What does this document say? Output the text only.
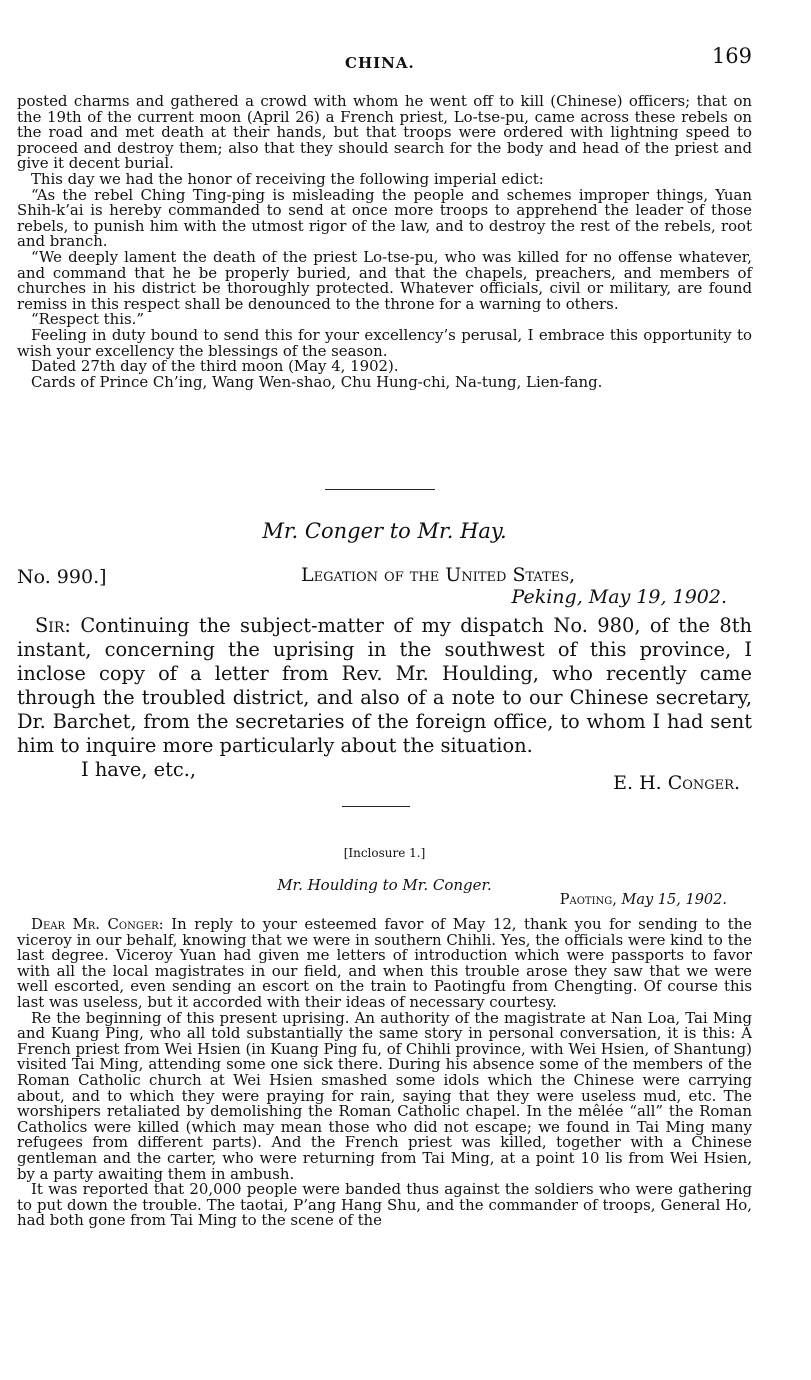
CHINA.	169

posted charms and gathered a crowd with whom he went off to kill (Chinese) officers; that on the 19th of the current moon (April 26) a French priest, Lo-tse-pu, came across these rebels on the road and met death at their hands, but that troops were ordered with lightning speed to proceed and destroy them; also that they should search for the body and head of the priest and give it decent burial.

This day we had the honor of receiving the following imperial edict:

“As the rebel Ching Ting-ping is misleading the people and schemes improper things, Yuan Shih-k’ai is hereby commanded to send at once more troops to apprehend the leader of those rebels, to punish him with the utmost rigor of the law, and to destroy the rest of the rebels, root and branch.

“We deeply lament the death of the priest Lo-tse-pu, who was killed for no offense whatever, and command that he be properly buried, and that the chapels, preachers, and members of churches in his district be thoroughly protected. Whatever officials, civil or military, are found remiss in this respect shall be denounced to the throne for a warning to others.

“Respect this.”

Feeling in duty bound to send this for your excellency’s perusal, I embrace this opportunity to wish your excellency the blessings of the season.

Dated 27th day of the third moon (May 4, 1902).

Cards of Prince Ch’ing, Wang Wen-shao, Chu Hung-chi, Na-tung, Lien-fang.

Mr. Conger to Mr. Hay.
No. 990.]	Legation of the United States,
Peking, May 19, 1902.

Sir: Continuing the subject-matter of my dispatch No. 980, of the 8th instant, concerning the uprising in the southwest of this province, I inclose copy of a letter from Rev. Mr. Houlding, who recently came through the troubled district, and also of a note to our Chinese secretary, Dr. Barchet, from the secretaries of the foreign office, to whom I had sent him to inquire more particularly about the situation.

I have, etc.,

E. H. Conger.
[Inclosure 1.]
Mr. Houlding to Mr. Conger.
Paoting, May 15, 1902.

Dear Mr. Conger: In reply to your esteemed favor of May 12, thank you for sending to the viceroy in our behalf, knowing that we were in southern Chihli. Yes, the officials were kind to the last degree. Viceroy Yuan had given me letters of introduction which were passports to favor with all the local magistrates in our field, and when this trouble arose they saw that we were well escorted, even sending an escort on the train to Paotingfu from Chengting. Of course this last was useless, but it accorded with their ideas of necessary courtesy.

Re the beginning of this present uprising. An authority of the magistrate at Nan Loa, Tai Ming and Kuang Ping, who all told substantially the same story in personal conversation, it is this: A French priest from Wei Hsien (in Kuang Ping fu, of Chihli province, with Wei Hsien, of Shantung) visited Tai Ming, attending some one sick there. During his absence some of the members of the Roman Catholic church at Wei Hsien smashed some idols which the Chinese were carrying about, and to which they were praying for rain, saying that they were useless mud, etc. The worshipers retaliated by demolishing the Roman Catholic chapel. In the mêlée “all” the Roman Catholics were killed (which may mean those who did not escape; we found in Tai Ming many refugees from different parts). And the French priest was killed, together with a Chinese gentleman and the carter, who were returning from Tai Ming, at a point 10 lis from Wei Hsien, by a party awaiting them in ambush.

It was reported that 20,000 people were banded thus against the soldiers who were gathering to put down the trouble. The taotai, P’ang Hang Shu, and the commander of troops, General Ho, had both gone from Tai Ming to the scene of the
